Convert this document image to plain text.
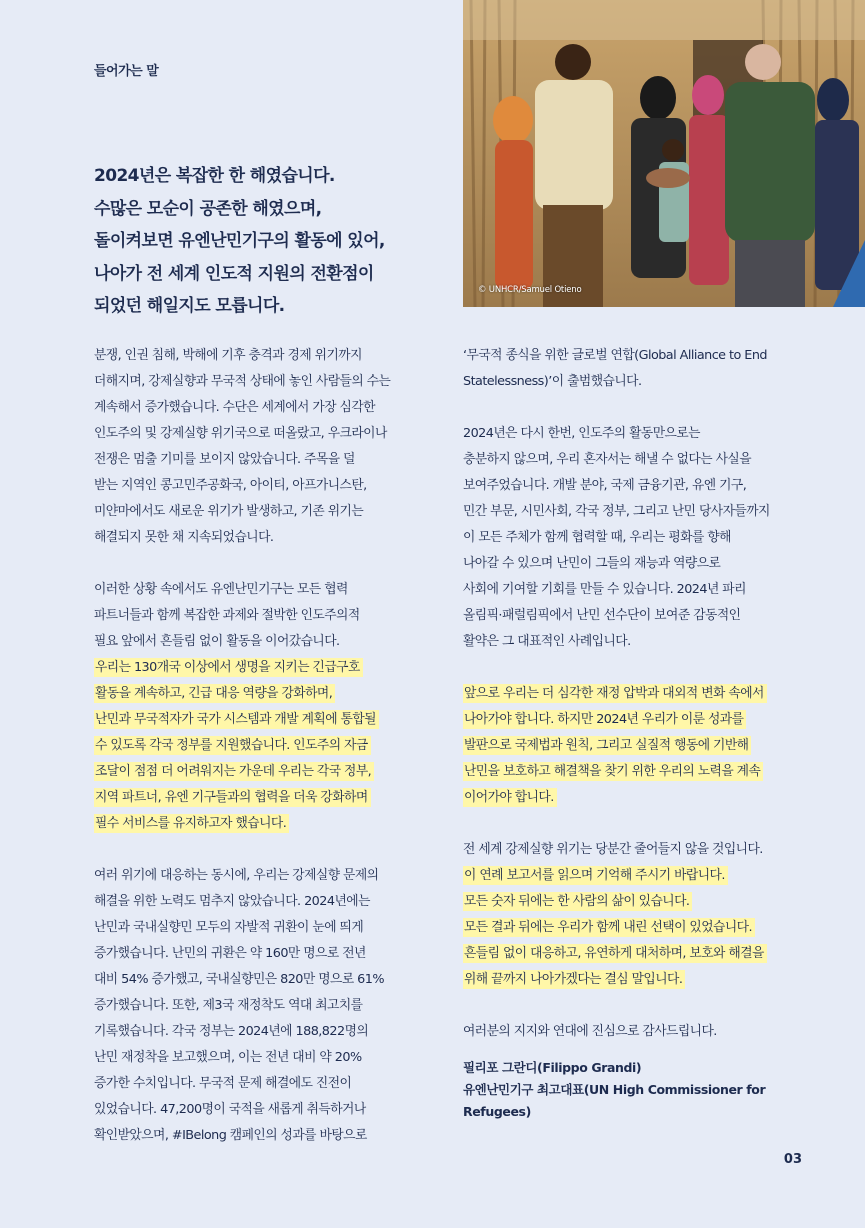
들어가는 말
2024년은 복잡한 한 해였습니다.
수많은 모순이 공존한 해였으며,
돌이켜보면 유엔난민기구의 활동에 있어,
나아가 전 세계 인도적 지원의 전환점이
되었던 해일지도 모릅니다.
© UNHCR/Samuel Otieno
분쟁, 인권 침해, 박해에 기후 충격과 경제 위기까지
더해지며, 강제실향과 무국적 상태에 놓인 사람들의 수는
계속해서 증가했습니다. 수단은 세계에서 가장 심각한
인도주의 및 강제실향 위기국으로 떠올랐고, 우크라이나
전쟁은 멈출 기미를 보이지 않았습니다. 주목을 덜
받는 지역인 콩고민주공화국, 아이티, 아프가니스탄,
미얀마에서도 새로운 위기가 발생하고, 기존 위기는
해결되지 못한 채 지속되었습니다.
이러한 상황 속에서도 유엔난민기구는 모든 협력
파트너들과 함께 복잡한 과제와 절박한 인도주의적
필요 앞에서 흔들림 없이 활동을 이어갔습니다.
우리는 130개국 이상에서 생명을 지키는 긴급구호
활동을 계속하고, 긴급 대응 역량을 강화하며,
난민과 무국적자가 국가 시스템과 개발 계획에 통합될
수 있도록 각국 정부를 지원했습니다. 인도주의 자금
조달이 점점 더 어려워지는 가운데 우리는 각국 정부,
지역 파트너, 유엔 기구들과의 협력을 더욱 강화하며
필수 서비스를 유지하고자 했습니다.
여러 위기에 대응하는 동시에, 우리는 강제실향 문제의
해결을 위한 노력도 멈추지 않았습니다. 2024년에는
난민과 국내실향민 모두의 자발적 귀환이 눈에 띄게
증가했습니다. 난민의 귀환은 약 160만 명으로 전년
대비 54% 증가했고, 국내실향민은 820만 명으로 61%
증가했습니다. 또한, 제3국 재정착도 역대 최고치를
기록했습니다. 각국 정부는 2024년에 188,822명의
난민 재정착을 보고했으며, 이는 전년 대비 약 20%
증가한 수치입니다. 무국적 문제 해결에도 진전이
있었습니다. 47,200명이 국적을 새롭게 취득하거나
확인받았으며, #IBelong 캠페인의 성과를 바탕으로
‘무국적 종식을 위한 글로벌 연합(Global Alliance to End
Statelessness)’이 출범했습니다.
2024년은 다시 한번, 인도주의 활동만으로는
충분하지 않으며, 우리 혼자서는 해낼 수 없다는 사실을
보여주었습니다. 개발 분야, 국제 금융기관, 유엔 기구,
민간 부문, 시민사회, 각국 정부, 그리고 난민 당사자들까지
이 모든 주체가 함께 협력할 때, 우리는 평화를 향해
나아갈 수 있으며 난민이 그들의 재능과 역량으로
사회에 기여할 기회를 만들 수 있습니다. 2024년 파리
올림픽·패럴림픽에서 난민 선수단이 보여준 감동적인
활약은 그 대표적인 사례입니다.
앞으로 우리는 더 심각한 재정 압박과 대외적 변화 속에서
나아가야 합니다. 하지만 2024년 우리가 이룬 성과를
발판으로 국제법과 원칙, 그리고 실질적 행동에 기반해
난민을 보호하고 해결책을 찾기 위한 우리의 노력을 계속
이어가야 합니다.
전 세계 강제실향 위기는 당분간 줄어들지 않을 것입니다.
이 연례 보고서를 읽으며 기억해 주시기 바랍니다.
모든 숫자 뒤에는 한 사람의 삶이 있습니다.
모든 결과 뒤에는 우리가 함께 내린 선택이 있었습니다.
흔들림 없이 대응하고, 유연하게 대처하며, 보호와 해결을
위해 끝까지 나아가겠다는 결심 말입니다.
여러분의 지지와 연대에 진심으로 감사드립니다.
필리포 그란디(Filippo Grandi)
유엔난민기구 최고대표(UN High Commissioner for
Refugees)
03
